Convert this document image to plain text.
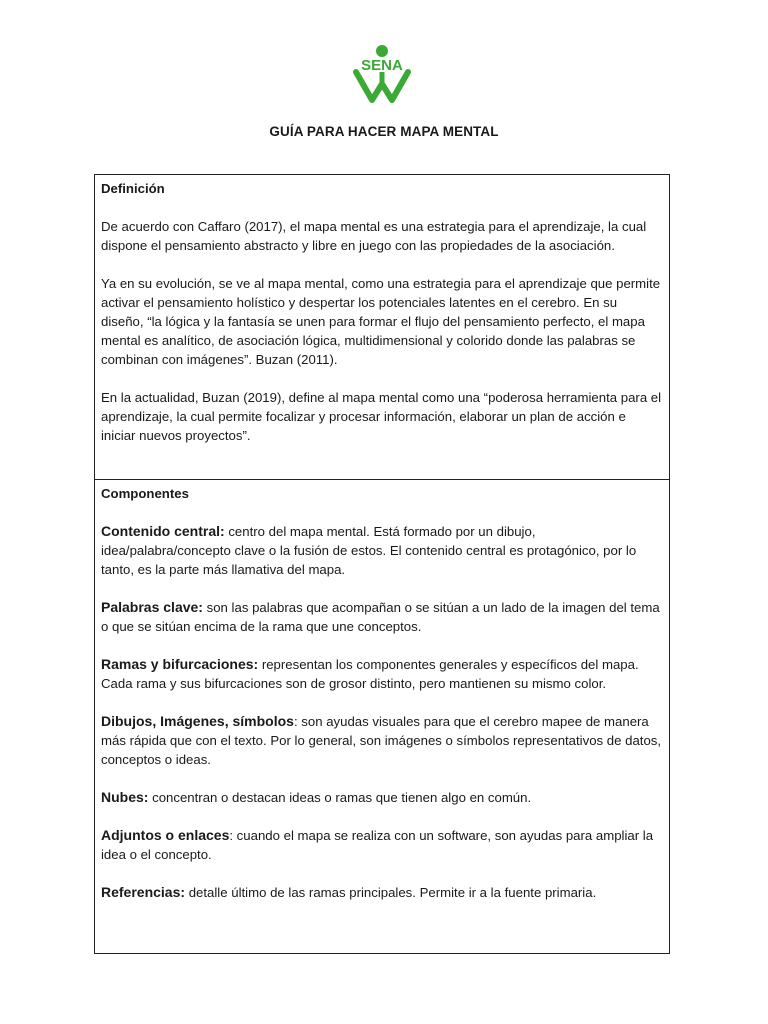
SENA
GUÍA PARA HACER MAPA MENTAL

Definición

De acuerdo con Caffaro (2017), el mapa mental es una estrategia para el aprendizaje, la cual dispone el pensamiento abstracto y libre en juego con las propiedades de la asociación.

Ya en su evolución, se ve al mapa mental, como una estrategia para el aprendizaje que permite activar el pensamiento holístico y despertar los potenciales latentes en el cerebro. En su diseño, “la lógica y la fantasía se unen para formar el flujo del pensamiento perfecto, el mapa mental es analítico, de asociación lógica, multidimensional y colorido donde las palabras se combinan con imágenes”. Buzan (2011).

En la actualidad, Buzan (2019), define al mapa mental como una “poderosa herramienta para el aprendizaje, la cual permite focalizar y procesar información, elaborar un plan de acción e iniciar nuevos proyectos”.

Componentes

Contenido central: centro del mapa mental. Está formado por un dibujo, idea/palabra/concepto clave o la fusión de estos. El contenido central es protagónico, por lo tanto, es la parte más llamativa del mapa.

Palabras clave: son las palabras que acompañan o se sitúan a un lado de la imagen del tema o que se sitúan encima de la rama que une conceptos.

Ramas y bifurcaciones: representan los componentes generales y específicos del mapa. Cada rama y sus bifurcaciones son de grosor distinto, pero mantienen su mismo color.

Dibujos, Imágenes, símbolos: son ayudas visuales para que el cerebro mapee de manera más rápida que con el texto. Por lo general, son imágenes o símbolos representativos de datos, conceptos o ideas.

Nubes: concentran o destacan ideas o ramas que tienen algo en común.

Adjuntos o enlaces: cuando el mapa se realiza con un software, son ayudas para ampliar la idea o el concepto.

Referencias: detalle último de las ramas principales. Permite ir a la fuente primaria.
